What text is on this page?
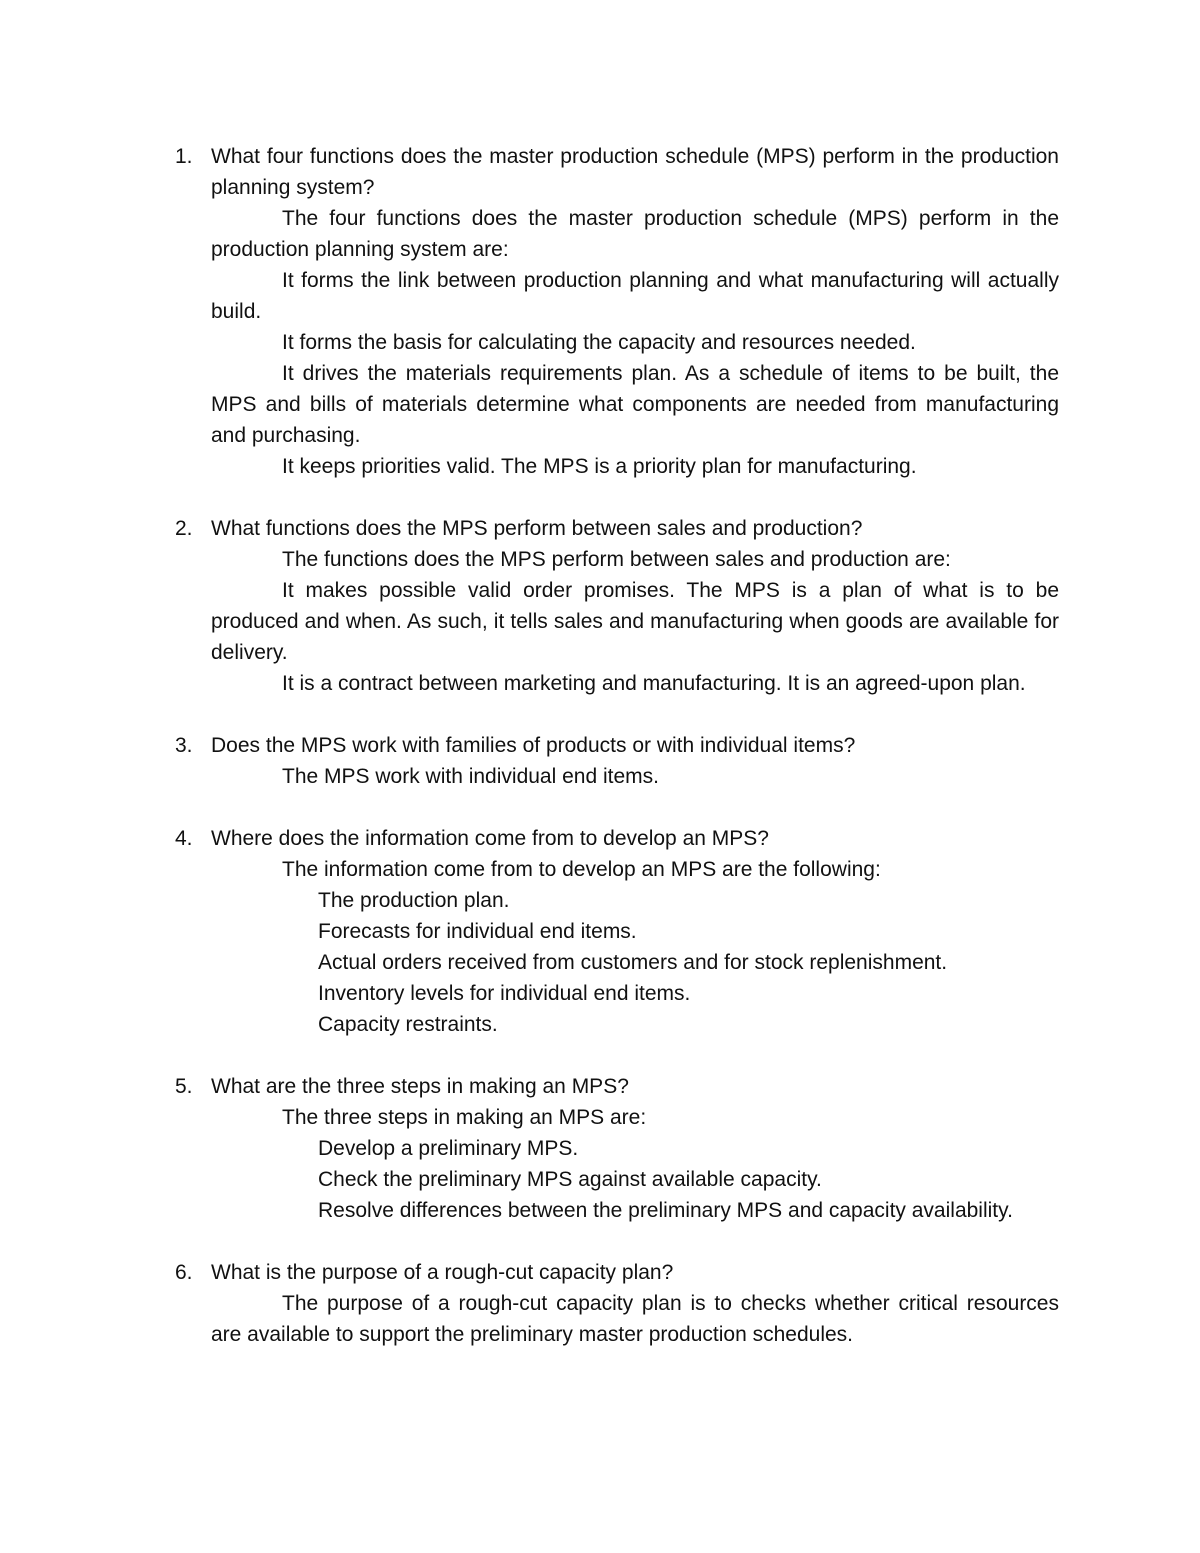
1. What four functions does the master production schedule (MPS) perform in the production planning system?

The four functions does the master production schedule (MPS) perform in the production planning system are:

It forms the link between production planning and what manufacturing will actually build.

It forms the basis for calculating the capacity and resources needed.

It drives the materials requirements plan. As a schedule of items to be built, the MPS and bills of materials determine what components are needed from manufacturing and purchasing.

It keeps priorities valid. The MPS is a priority plan for manufacturing.

2. What functions does the MPS perform between sales and production?

The functions does the MPS perform between sales and production are:

It makes possible valid order promises. The MPS is a plan of what is to be produced and when. As such, it tells sales and manufacturing when goods are available for delivery.

It is a contract between marketing and manufacturing. It is an agreed-upon plan.

3. Does the MPS work with families of products or with individual items?

The MPS work with individual end items.

4. Where does the information come from to develop an MPS?

The information come from to develop an MPS are the following:

The production plan.

Forecasts for individual end items.

Actual orders received from customers and for stock replenishment.

Inventory levels for individual end items.

Capacity restraints.

5. What are the three steps in making an MPS?

The three steps in making an MPS are:

Develop a preliminary MPS.

Check the preliminary MPS against available capacity.

Resolve differences between the preliminary MPS and capacity availability.

6. What is the purpose of a rough-cut capacity plan?

The purpose of a rough-cut capacity plan is to checks whether critical resources are available to support the preliminary master production schedules.
